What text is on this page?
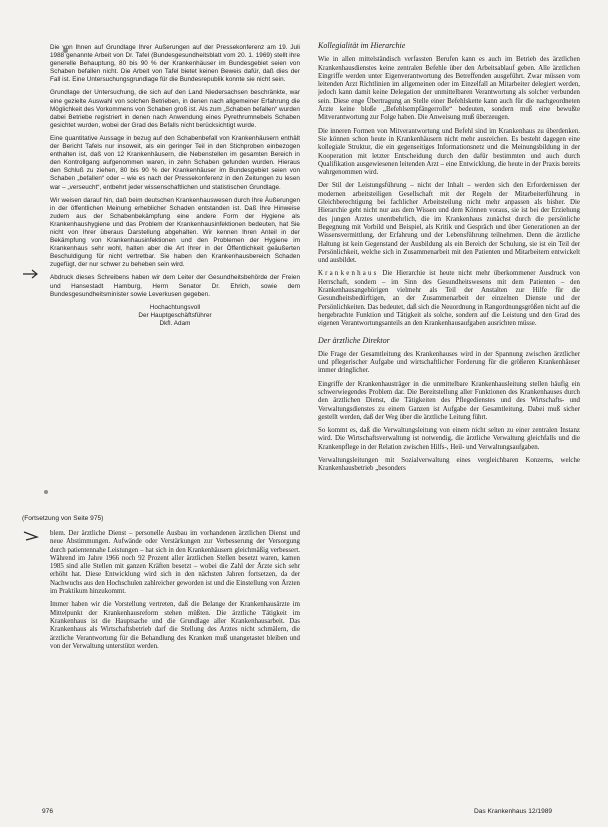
Die von Ihnen auf Grundlage Ihrer Äußerungen auf der Pressekonferenz am 19. Juli 1988 genannte Arbeit von Dr. Tafel (Bundesgesundheitsblatt vom 20. 1. 1969) stellt ihre generelle Behauptung, 80 bis 90 % der Krankenhäuser im Bundesgebiet seien von Schaben befallen nicht. Die Arbeit von Tafel bietet keinen Beweis dafür, daß dies der Fall ist. Eine Untersuchungsgrundlage für die Bundesrepublik konnte sie nicht sein.

Grundlage der Untersuchung, die sich auf den Land Niedersachsen beschränkte, war eine gezielte Auswahl von solchen Betrieben, in denen nach allgemeiner Erfahrung die Möglichkeit des Vorkommens von Schaben groß ist. Als zum „Schaben befallen“ wurden dabei Betriebe registriert in denen nach Anwendung eines Pyrethrumnebels Schaben gesichtet wurden, wobei der Grad des Befalls nicht berücksichtigt wurde.

Eine quantitative Aussage in bezug auf den Schabenbefall von Krankenhäusern enthält der Bericht Tafels nur insoweit, als ein geringer Teil in den Stichproben einbezogen enthalten ist, daß von 12 Krankenhäusern, die Nebenstellen im gesamten Bereich in den Kontrollgang aufgenommen waren, in zehn Schaben gefunden wurden. Hieraus den Schluß zu ziehen, 80 bis 90 % der Krankenhäuser im Bundesgebiet seien von Schaben „befallen“ oder – wie es nach der Pressekonferenz in den Zeitungen zu lesen war – „verseucht“, entbehrt jeder wissenschaftlichen und statistischen Grundlage.

Wir weisen darauf hin, daß beim deutschen Krankenhauswesen durch Ihre Äußerungen in der öffentlichen Meinung erheblicher Schaden entstanden ist. Daß Ihre Hinweise zudem aus der Schabenbekämpfung eine andere Form der Hygiene als Krankenhaushygiene und das Problem der Krankenhausinfektionen bedeuten, hat Sie nicht von Ihrer überaus Darstellung abgehalten. Wir kennen Ihren Anteil in der Bekämpfung von Krankenhausinfektionen und den Problemen der Hygiene im Krankenhaus sehr wohl, halten aber die Art Ihrer in der Öffentlichkeit geäußerten Beschuldigung für nicht vertretbar. Sie haben den Krankenhausbereich Schaden zugefügt, der nur schwer zu beheben sein wird.

Abdruck dieses Schreibens haben wir dem Leiter der Gesundheitsbehörde der Freien und Hansestadt Hamburg, Herrn Senator Dr. Ehrich, sowie dem Bundesgesundheitsminister sowie Leverkusen gegeben.

Hochachtungsvoll
Der Hauptgeschäftsführer
Dkfl. Adam
(Fortsetzung von Seite 975)

blem. Der ärztliche Dienst – personelle Ausbau im vorhandenen ärztlichen Dienst und neue Abstimmungen. Aufwände oder Verstärkungen zur Verbesserung der Versorgung durch patientennahe Leistungen – hat sich in den Krankenhäusern gleichmäßig verbessert. Während im Jahre 1966 noch 92 Prozent aller ärztlichen Stellen besetzt waren, kamen 1985 sind alle Stellen mit ganzen Kräften besetzt – wobei die Zahl der Ärzte sich sehr erhöht hat. Diese Entwicklung wird sich in den nächsten Jahren fortsetzen, da der Nachwuchs aus den Hochschulen zahlreicher geworden ist und die Einstellung von Ärzten im Praktikum hinzukommt.

Immer haben wir die Vorstellung vertreten, daß die Belange der Krankenhausärzte im Mittelpunkt der Krankenhausreform stehen müßten. Die ärztliche Tätigkeit im Krankenhaus ist die Hauptsache und die Grundlage aller Krankenhausarbeit. Das Krankenhaus als Wirtschaftsbetrieb darf die Stellung des Arztes nicht schmälern, die ärztliche Verantwortung für die Behandlung des Kranken muß unangetastet bleiben und von der Verwaltung unterstützt werden.

Kollegialität im Hierarchie

Wie in allen mittelständisch verfassten Berufen kann es auch im Betrieb des ärztlichen Krankenhausdienstes keine zentralen Befehle über den Arbeitsablauf geben. Alle ärztlichen Eingriffe werden unter Eigenverantwortung des Betreffenden ausgeführt. Zwar müssen vom leitenden Arzt Richtlinien im allgemeinen oder im Einzelfall an Mitarbeiter delegiert werden, jedoch kann damit keine Delegation der unmittelbaren Verantwortung als solcher verbunden sein. Diese enge Übertragung an Stelle einer Befehlskette kann auch für die nachgeordneten Ärzte keine bloße „Befehlsempfängerrolle“ bedeuten, sondern muß eine bewußte Mitverantwortung zur Folge haben. Die Anweisung muß überzeugen.

Die inneren Formen von Mitverantwortung und Befehl sind im Krankenhaus zu überdenken. Sie können schon heute in Krankenhäusern nicht mehr ausreichen. Es besteht dagegen eine kollegiale Struktur, die ein gegenseitiges Informationsnetz und die Meinungsbildung in der Kooperation mit letzter Entscheidung durch den dafür bestimmten und auch durch Qualifikation ausgewiesenen leitenden Arzt – eine Entwicklung, die heute in der Praxis bereits wahrgenommen wird.

Der Stil der Leistungsführung – nicht der Inhalt – werden sich den Erfordernissen der modernen arbeitsteiligen Gesellschaft mit der Regeln der Mitarbeiterführung in Gleichberechtigung bei fachlicher Arbeitsteilung nicht mehr anpassen als bisher. Die Hierarchie geht nicht nur aus dem Wissen und dem Können voraus, sie ist bei der Erziehung des jungen Arztes unentbehrlich, die im Krankenhaus zunächst durch die persönliche Begegnung mit Vorbild und Beispiel, als Kritik und Gespräch und über Generationen an der Wissensvermittlung, der Erfahrung und der Lebensführung teilnehmen. Denn die ärztliche Haltung ist kein Gegenstand der Ausbildung als ein Bereich der Schulung, sie ist ein Teil der Persönlichkeit, welche sich in Zusammenarbeit mit den Patienten und Mitarbeitern entwickelt und ausbildet.

Krankenhaus Die Hierarchie ist heute nicht mehr überkommener Ausdruck von Herrschaft, sondern – im Sinn des Gesundheitswesens mit dem Patienten – den Krankenhausangehörigen vielmehr als Teil der Anstalten zur Hilfe für die Gesundheitsbedürftigen, an der Zusammenarbeit der einzelnen Dienste und der Persönlichkeiten. Das bedeutet, daß sich die Neuordnung in Rangordnungsgrößen nicht auf die hergebrachte Funktion und Tätigkeit als solche, sondern auf die Leistung und den Grad des eigenen Verantwortungsanteils an den Krankenhausaufgaben ausrichten müsse.

Der ärztliche Direktor

Die Frage der Gesamtleitung des Krankenhauses wird in der Spannung zwischen ärztlicher und pflegerischer Aufgabe und wirtschaftlicher Forderung für die größeren Krankenhäuser immer dringlicher.

Eingriffe der Krankenhausträger in die unmittelbare Krankenhausleitung stellen häufig ein schwerwiegendes Problem dar. Die Bereitstellung aller Funktionen des Krankenhauses durch den ärztlichen Dienst, die Tätigkeiten des Pflegedienstes und des Wirtschafts- und Verwaltungsdienstes zu einem Ganzen ist Aufgabe der Gesamtleitung. Dabei muß sicher gestellt werden, daß der Weg über die ärztliche Leitung führt.

So kommt es, daß die Verwaltungsleitung von einem nicht selten zu einer zentralen Instanz wird. Die Wirtschaftsverwaltung ist notwendig, die ärztliche Verwaltung gleichfalls und die Krankenpflege in der Relation zwischen Hilfs-, Heil- und Verwaltungsaufgaben.

Verwaltungsleitungen mit Sozialverwaltung eines vergleichbaren Konzerns, welche Krankenhausbetrieb „besonders

976	Das Krankenhaus 12/1989
